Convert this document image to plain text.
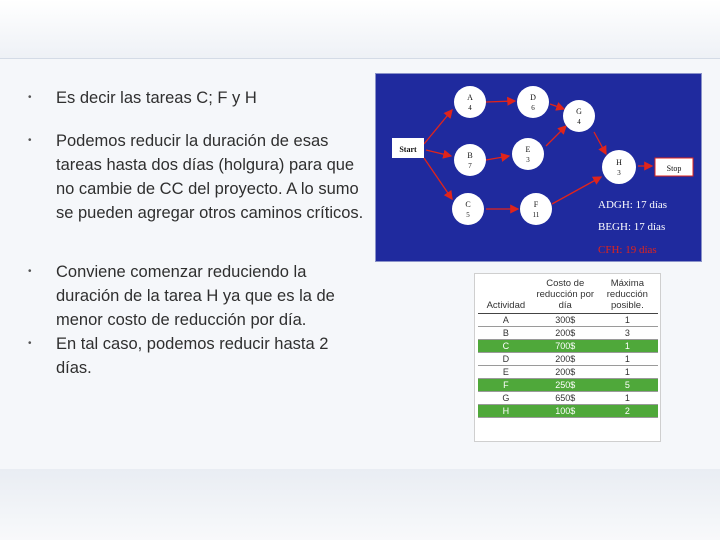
• Es decir las tareas C; F y H
• Podemos reducir la duración de esas tareas hasta dos días (holgura) para que no cambie de CC del proyecto. A lo sumo se pueden agregar otros caminos críticos.
• Conviene comenzar reduciendo la duración de la tarea H ya que es la de menor costo de reducción por día.
• En tal caso, podemos reducir hasta 2 días.
Start
Stop
A
4
D
6	G
4
B
7
E
3	H
3
C
5
F
11
ADGH: 17 días
BEGH: 17 días
CFH: 19 días
Actividad	Costo de reducción por día	Máxima reducción posible.
A	300$	1
B	200$	3
C	700$	1
D	200$	1
E	200$	1
F	250$	5
G	650$	1
H	100$	2
